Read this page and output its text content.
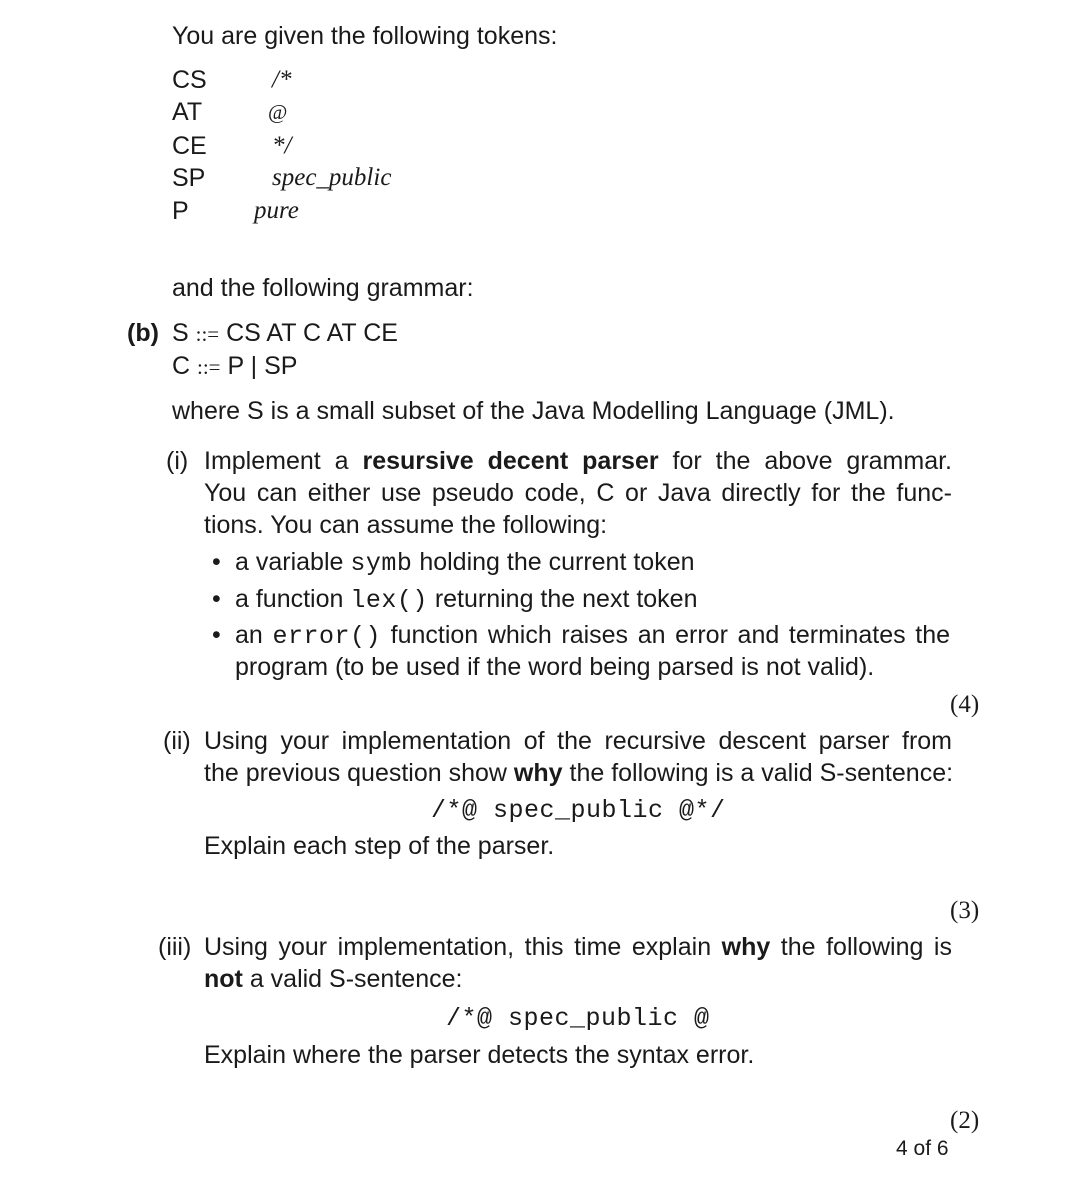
You are given the following tokens:
CS	/*
AT	@
CE	*/
SP	spec_public
P	pure
and the following grammar:
(b) S ::= CS AT C AT CE
C ::= P | SP
where S is a small subset of the Java Modelling Language (JML).
(i) Implement a resursive decent parser for the above grammar.
You can either use pseudo code, C or Java directly for the func-
tions. You can assume the following:
• a variable symb holding the current token
• a function lex() returning the next token
• an error() function which raises an error and terminates the
program (to be used if the word being parsed is not valid).
(4)
(ii) Using your implementation of the recursive descent parser from
the previous question show why the following is a valid S-sentence:
/*@ spec_public @*/
Explain each step of the parser.
(3)
(iii) Using your implementation, this time explain why the following is
not a valid S-sentence:
/*@ spec_public @
Explain where the parser detects the syntax error.
(2)
4 of 6
